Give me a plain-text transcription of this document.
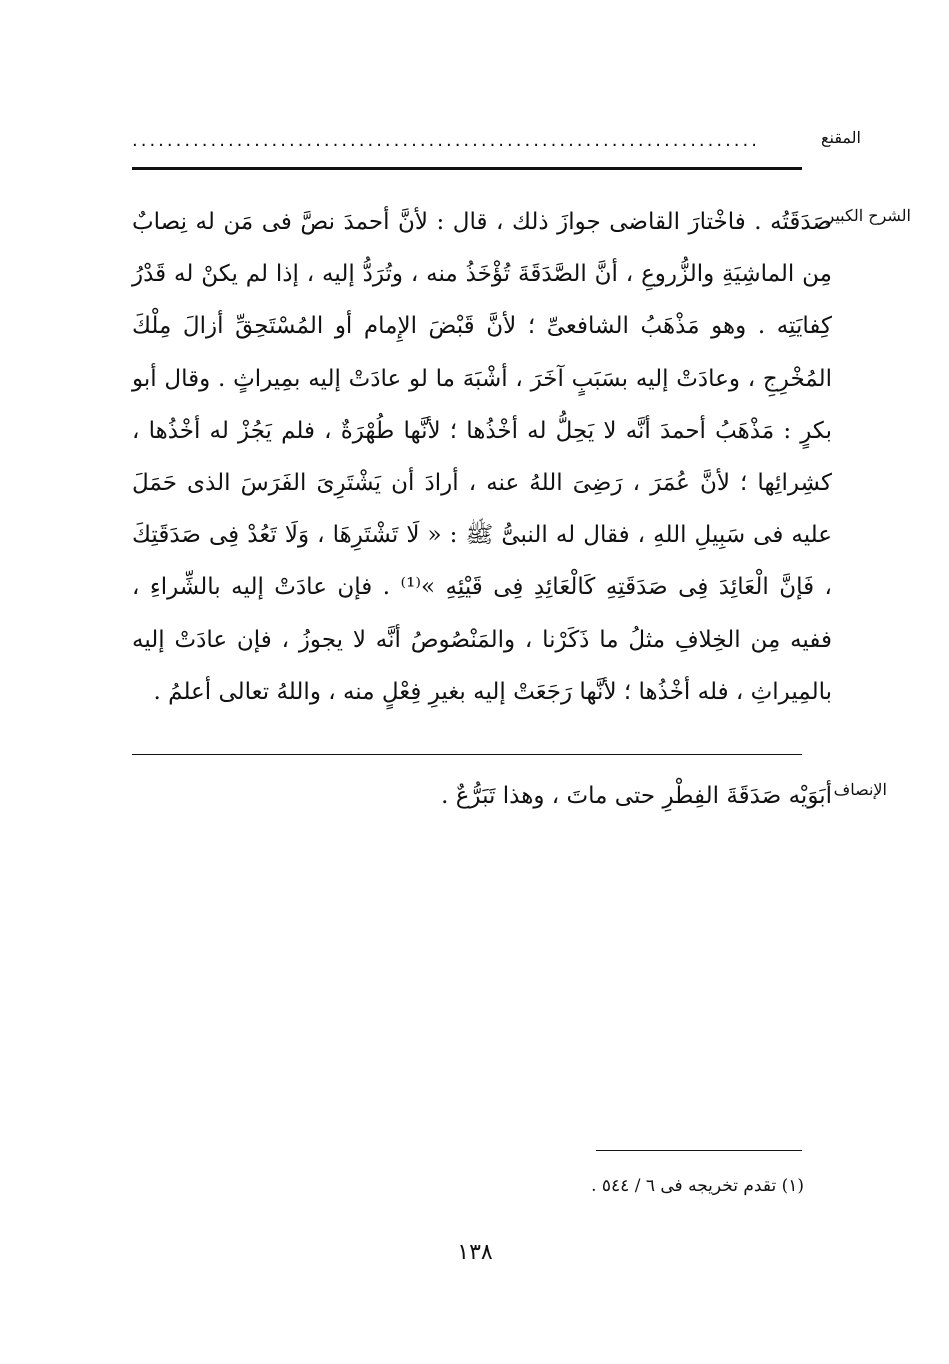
المقنع
........................................................................
الشرح الكبير
صَدَقَتُه . فاخْتارَ القاضى جوازَ ذلك ، قال : لأنَّ أحمدَ نصَّ فى مَن له نِصابٌ مِن الماشِيَةِ والزُّروعِ ، أنَّ الصَّدَقَةَ تُؤْخَذُ منه ، وتُرَدُّ إليه ، إذا لم يكنْ له قَدْرُ كِفايَتِه . وهو مَذْهَبُ الشافعىِّ ؛ لأنَّ قَبْضَ الإِمام أو المُسْتَحِقِّ أزالَ مِلْكَ المُخْرِجِ ، وعادَتْ إليه بسَبَبٍ آخَرَ ، أشْبَهَ ما لو عادَتْ إليه بمِيراثٍ . وقال أبو بكرٍ : مَذْهَبُ أحمدَ أنَّه لا يَحِلُّ له أخْذُها ؛ لأنَّها طُهْرَةٌ ، فلم يَجُزْ له أخْذُها ، كشِرائِها ؛ لأنَّ عُمَرَ ، رَضِىَ اللهُ عنه ، أرادَ أن يَشْتَرِىَ الفَرَسَ الذى حَمَلَ عليه فى سَبِيلِ اللهِ ، فقال له النبىُّ ﷺ : « لَا تَشْتَرِهَا ، وَلَا تَعُدْ فِى صَدَقَتِكَ ، فَإنَّ الْعَائِدَ فِى صَدَقَتِهِ كَالْعَائِدِ فِى قَيْئِهِ »⁽¹⁾ . فإن عادَتْ إليه بالشِّراءِ ، ففيه مِن الخِلافِ مثلُ ما ذَكَرْنا ، والمَنْصُوصُ أنَّه لا يجوزُ ، فإن عادَتْ إليه بالمِيراثِ ، فله أخْذُها ؛ لأنَّها رَجَعَتْ إليه بغيرِ فِعْلٍ منه ، واللهُ تعالى أعلمُ .
الإنصاف
أبَوَيْه صَدَقَةَ الفِطْرِ حتى ماتَ ، وهذا تَبَرُّعٌ .
(١) تقدم تخريجه فى ٦ / ٥٤٤ .
١٣٨
